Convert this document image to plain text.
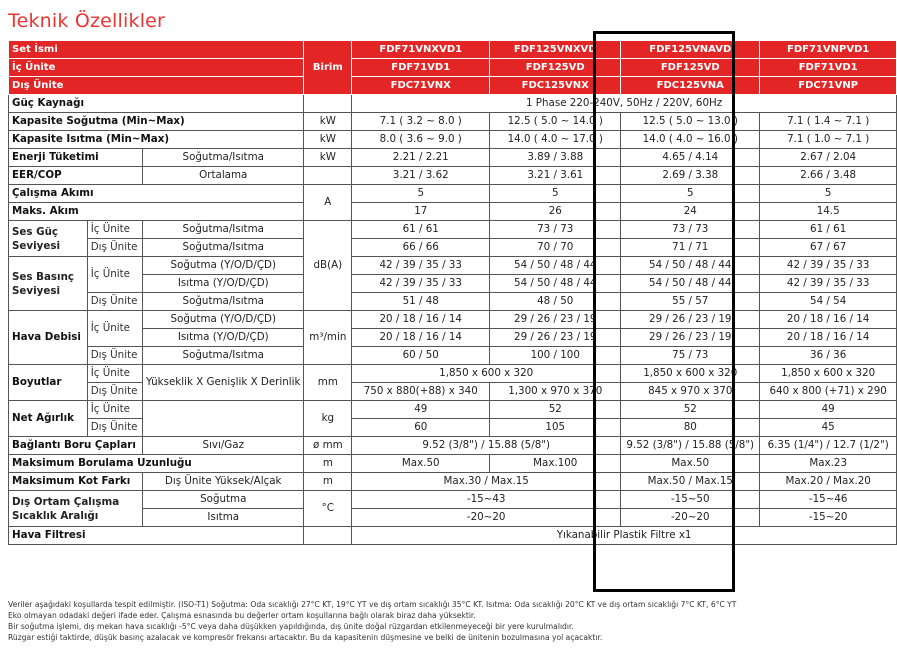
Teknik Özellikler
Set İsmi			Birim	FDF71VNXVD1	FDF125VNXVD	FDF125VNAVD	FDF71VNPVD1
İç Ünite				FDF71VD1	FDF125VD	FDF125VD	FDF71VD1
Dış Ünite				FDC71VNX	FDC125VNX	FDC125VNA	FDC71VNP
Güç Kaynağı				1 Phase 220-240V, 50Hz / 220V, 60Hz			
Kapasite Soğutma (Min~Max)			kW	7.1 ( 3.2 ~ 8.0 )	12.5 ( 5.0 ~ 14.0 )	12.5 ( 5.0 ~ 13.0 )	7.1 ( 1.4 ~ 7.1 )
Kapasite Isıtma (Min~Max)			kW	8.0 ( 3.6 ~ 9.0 )	14.0 ( 4.0 ~ 17.0 )	14.0 ( 4.0 ~ 16.0 )	7.1 ( 1.0 ~ 7.1 )
Enerji Tüketimi		Soğutma/Isıtma	kW	2.21 / 2.21	3.89 / 3.88	4.65 / 4.14	2.67 / 2.04
EER/COP		Ortalama		3.21 / 3.62	3.21 / 3.61	2.69 / 3.38	2.66 / 3.48
Çalışma Akımı			A	5	5	5	5
Maks. Akım				17	26	24	14.5
Ses Güç Seviyesi	İç Ünite	Soğutma/Isıtma	dB(A)	61 / 61	73 / 73	73 / 73	61 / 61
	Dış Ünite	Soğutma/Isıtma		66 / 66	70 / 70	71 / 71	67 / 67
Ses Basınç Seviyesi	İç Ünite	Soğutma (Y/O/D/ÇD)		42 / 39 / 35 / 33	54 / 50 / 48 / 44	54 / 50 / 48 / 44	42 / 39 / 35 / 33
		Isıtma (Y/O/D/ÇD)		42 / 39 / 35 / 33	54 / 50 / 48 / 44	54 / 50 / 48 / 44	42 / 39 / 35 / 33
	Dış Ünite	Soğutma/Isıtma		51 / 48	48 / 50	55 / 57	54 / 54
Hava Debisi	İç Ünite	Soğutma (Y/O/D/ÇD)	m³/min	20 / 18 / 16 / 14	29 / 26 / 23 / 19	29 / 26 / 23 / 19	20 / 18 / 16 / 14
		Isıtma (Y/O/D/ÇD)		20 / 18 / 16 / 14	29 / 26 / 23 / 19	29 / 26 / 23 / 19	20 / 18 / 16 / 14
	Dış Ünite	Soğutma/Isıtma		60 / 50	100 / 100	75 / 73	36 / 36
Boyutlar	İç Ünite	Yükseklik X Genişlik X Derinlik	mm	1,850 x 600 x 320		1,850 x 600 x 320	1,850 x 600 x 320
	Dış Ünite			750 x 880(+88) x 340	1,300 x 970 x 370	845 x 970 x 370	640 x 800 (+71) x 290
Net Ağırlık	İç Ünite		kg	49	52	52	49
	Dış Ünite			60	105	80	45
Bağlantı Boru Çapları		Sıvı/Gaz	ø mm	9.52 (3/8") / 15.88 (5/8")		9.52 (3/8") / 15.88 (5/8")	6.35 (1/4") / 12.7 (1/2")
Maksimum Borulama Uzunluğu			m	Max.50	Max.100	Max.50	Max.23
Maksimum Kot Farkı		Dış Ünite Yüksek/Alçak	m	Max.30 / Max.15		Max.50 / Max.15	Max.20 / Max.20
Dış Ortam Çalışma Sıcaklık Aralığı		Soğutma	°C	-15~43		-15~50	-15~46
		Isıtma		-20~20		-20~20	-15~20
Hava Filtresi				Yıkanabilir Plastik Filtre x1			
Veriler aşağıdaki koşullarda tespit edilmiştir. (ISO-T1) Soğutma: Oda sıcaklığı 27°C KT, 19°C YT ve dış ortam sıcaklığı 35°C KT. Isıtma: Oda sıcaklığı 20°C KT ve dış ortam sıcaklığı 7°C KT, 6°C YT
Eko olmayan odadaki değeri ifade eder. Çalışma esnasında bu değerler ortam koşullarına bağlı olarak biraz daha yüksektir.
Bir soğutma işlemi, dış mekan hava sıcaklığı -5°C veya daha düşükken yapıldığında, dış ünite doğal rüzgardan etkilenmeyeceği bir yere kurulmalıdır.
Rüzgar estiği taktirde, düşük basınç azalacak ve kompresör frekansı artacaktır. Bu da kapasitenin düşmesine ve belki de ünitenin bozulmasına yol açacaktır.
